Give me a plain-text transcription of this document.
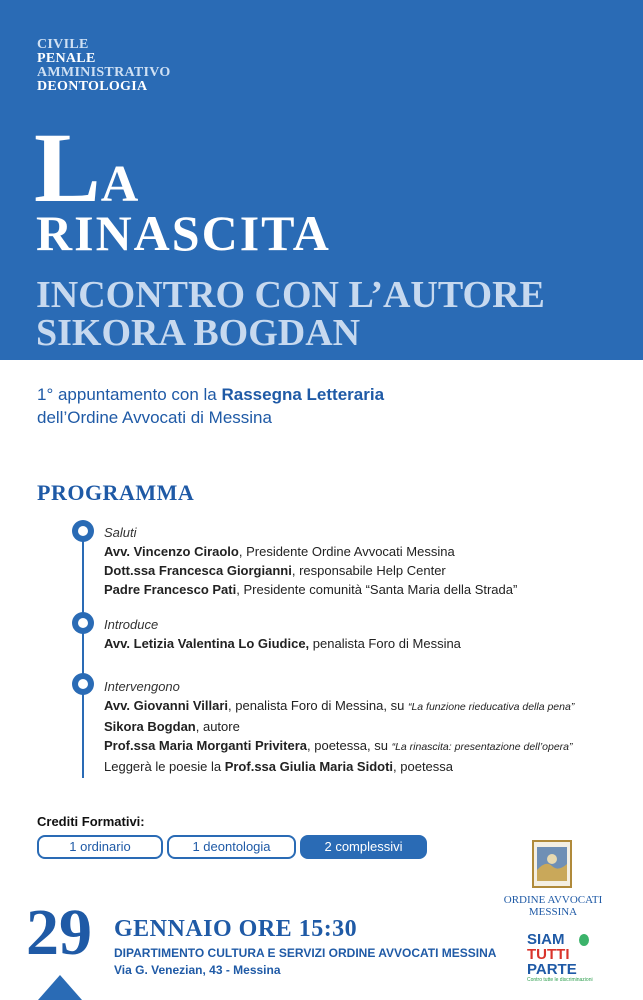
CIVILE
PENALE
AMMINISTRATIVO
DEONTOLOGIA
LA
RINASCITA
INCONTRO CON L’AUTORE
SIKORA BOGDAN
1° appuntamento con la Rassegna Letteraria
dell’Ordine Avvocati di Messina
PROGRAMMA
Saluti
Avv. Vincenzo Ciraolo, Presidente Ordine Avvocati Messina
Dott.ssa Francesca Giorgianni, responsabile Help Center
Padre Francesco Pati, Presidente comunità “Santa Maria della Strada”
Introduce
Avv. Letizia Valentina Lo Giudice, penalista Foro di Messina
Intervengono
Avv. Giovanni Villari, penalista Foro di Messina, su “La funzione rieducativa della pena”
Sikora Bogdan, autore
Prof.ssa Maria Morganti Privitera, poetessa, su “La rinascita: presentazione dell’opera”
Leggerà le poesie la Prof.ssa Giulia Maria Sidoti, poetessa
Crediti Formativi:
1 ordinario	1 deontologia	2 complessivi
ORDINE AVVOCATI
MESSINA
SIAM
TUTTI
PARTE
Contro tutte le discriminazioni
29 GENNAIO ORE 15:30
DIPARTIMENTO CULTURA E SERVIZI ORDINE AVVOCATI MESSINA
Via G. Venezian, 43 - Messina
